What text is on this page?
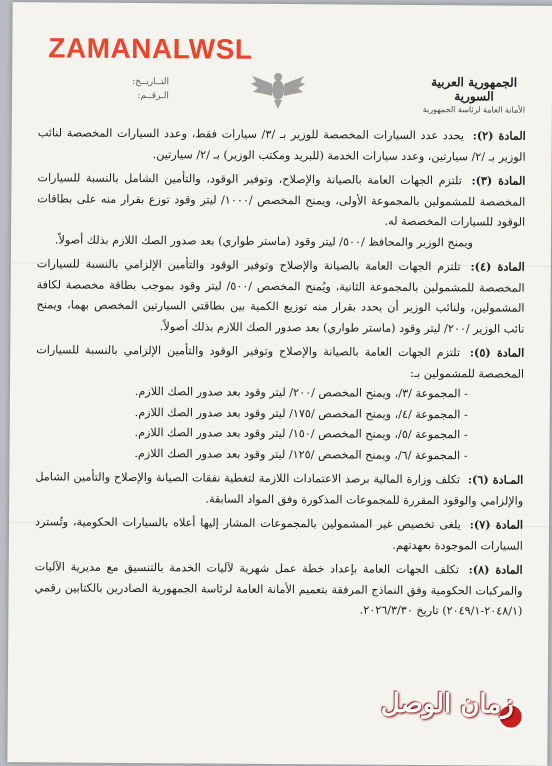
ZAMANALWSL
الجمهورية العربية السورية
الأمانة العامة لرئاسة الجمهورية
التــاريــخ:
الـرقــم:
المادة (٢): يحدد عدد السيارات المخصصة للوزير بـ /٣/ سيارات فقط، وعدد السيارات المخصصة لنائب الوزير بـ /٢/ سيارتين، وعدد سيارات الخدمة (للبريد ومكتب الوزير) بـ /٢/ سيارتين.
المادة (٣): تلتزم الجهات العامة بالصيانة والإصلاح، وتوفير الوقود، والتأمين الشامل بالنسبة للسيارات المخصصة للمشمولين بالمجموعة الأولى، ويمنح المخصص /١٠٠٠/ ليتر وقود توزع بقرار منه على بطاقات الوقود للسيارات المخصصة له.
ويمنح الوزير والمحافظ /٥٠٠/ ليتر وقود (ماستر طواري) بعد صدور الصك اللازم بذلك أصولاً.
المادة (٤): تلتزم الجهات العامة بالصيانة والإصلاح وتوفير الوقود والتأمين الإلزامي بالنسبة للسيارات المخصصة للمشمولين بالمجموعة الثانية، ويُمنح المخصص /٥٠٠/ ليتر وقود بموجب بطاقة مخصصة لكافة المشمولين، ولنائب الوزير أن يحدد بقرار منه توزيع الكمية بين بطاقتي السيارتين المخصص بهما، ويمنح نائب الوزير /٢٠٠/ ليتر وقود (ماستر طواري) بعد صدور الصك اللازم بذلك أصولاً.
المادة (٥): تلتزم الجهات العامة بالصيانة والإصلاح وتوفير الوقود والتأمين الإلزامي بالنسبة للسيارات المخصصة للمشمولين بـ:
- المجموعة /٣/، ويمنح المخصص /٢٠٠/ ليتر وقود بعد صدور الصك اللازم.
- المجموعة /٤/، ويمنح المخصص /١٧٥/ ليتر وقود بعد صدور الصك اللازم.
- المجموعة /٥/، ويمنح المخصص /١٥٠/ ليتر وقود بعد صدور الصك اللازم.
- المجموعة /٦/، ويمنح المخصص /١٢٥/ ليتر وقود بعد صدور الصك اللازم.
المـادة (٦): تكلف وزارة المالية برصد الاعتمادات اللازمة لتغطية نفقات الصيانة والإصلاح والتأمين الشامل والإلزامي والوقود المقررة للمجموعات المذكورة وفق المواد السابقة.
المادة (٧): يلغى تخصيص غير المشمولين بالمجموعات المشار إليها أعلاه بالسيارات الحكومية، وتُسترد السيارات الموجودة بعهدتهم.
المادة (٨): تكلف الجهات العامة بإعداد خطة عمل شهرية لآليات الخدمة بالتنسيق مع مديرية الآليات والمركبات الحكومية وفق النماذج المرفقة بتعميم الأمانة العامة لرئاسة الجمهورية الصادرين بالكتابين رقمي (٢٠٤٨/١-٢٠٤٩/١) تاريخ ٢٠٢٦/٣/٣٠.
زمان الوصل
